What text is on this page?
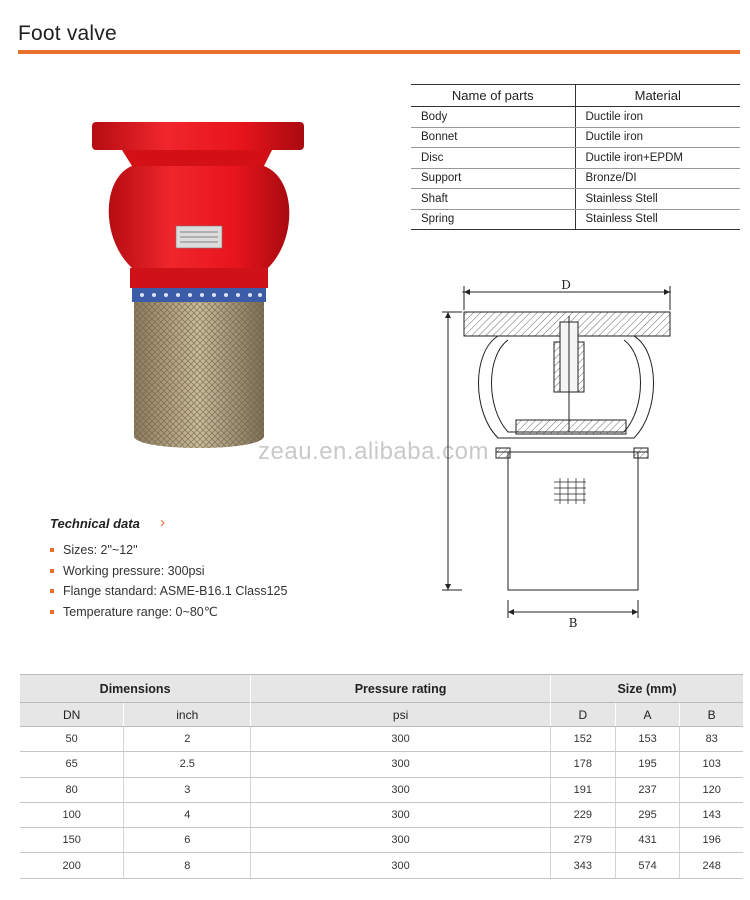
Foot valve
Name of parts	Material
Body	Ductile iron
Bonnet	Ductile iron
Disc	Ductile iron+EPDM
Support	Bronze/DI
Shaft	Stainless Stell
Spring	Stainless Stell
zeau.en.alibaba.com
D
B
Technical data ›
Sizes: 2"~12"
Working pressure: 300psi
Flange standard: ASME-B16.1 Class125
Temperature range: 0~80℃
Dimensions		Pressure rating	Size (mm)		
DN	inch	psi	D	A	B
50	2	300	152	153	83
65	2.5	300	178	195	103
80	3	300	191	237	120
100	4	300	229	295	143
150	6	300	279	431	196
200	8	300	343	574	248
